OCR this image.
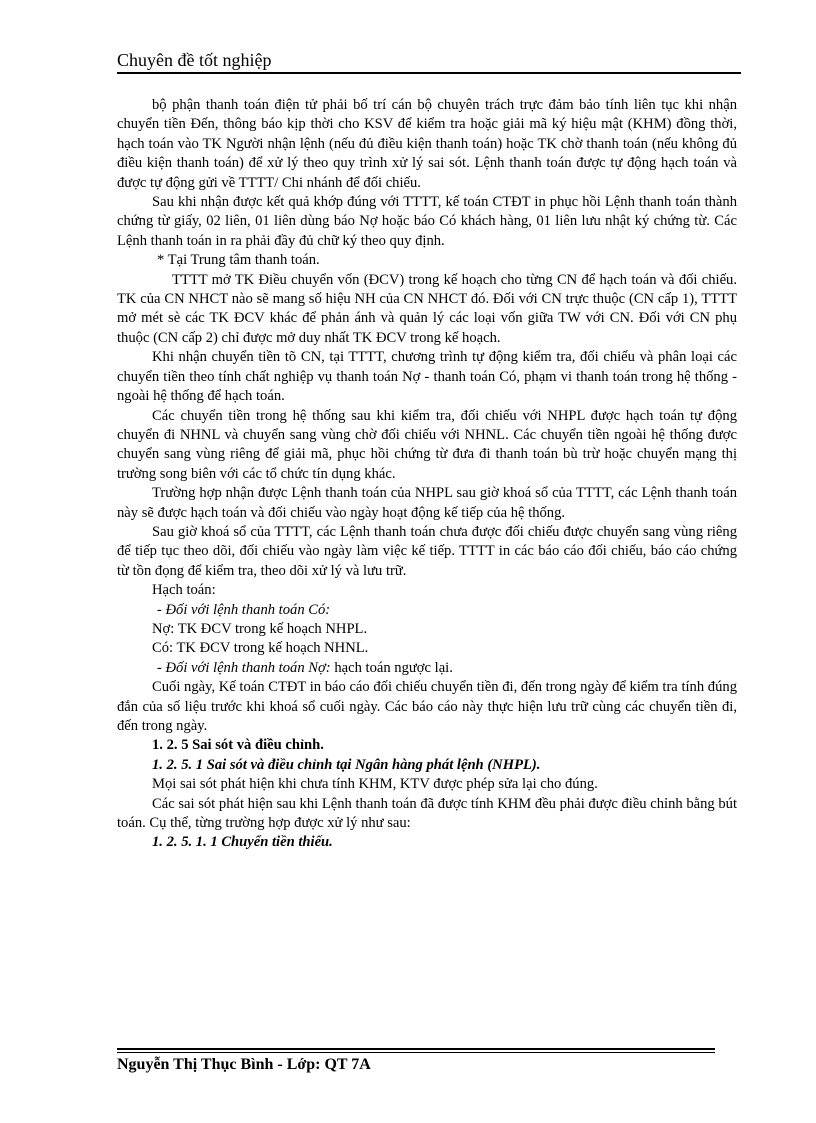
Chuyên đề tốt nghiệp

bộ phận thanh toán điện tử phải bố trí cán bộ chuyên trách trực đảm bảo tính liên tục khi nhận chuyển tiền Đến, thông báo kịp thời cho KSV để kiểm tra hoặc giải mã ký hiệu mật (KHM) đồng thời, hạch toán vào TK Người nhận lệnh (nếu đủ điều kiện thanh toán) hoặc TK chờ thanh toán (nếu không đủ điều kiện thanh toán) để xử lý theo quy trình xử lý sai sót. Lệnh thanh toán được tự động hạch toán và được tự động gửi về TTTT/ Chi nhánh để đối chiếu.

Sau khi nhận được kết quả khớp đúng với TTTT, kế toán CTĐT in phục hồi Lệnh thanh toán thành chứng từ giấy, 02 liên, 01 liên dùng báo Nợ hoặc báo Có khách hàng, 01 liên lưu nhật ký chứng từ. Các Lệnh thanh toán in ra phải đầy đủ chữ ký theo quy định.

* Tại Trung tâm thanh toán.

TTTT mở TK Điều chuyển vốn (ĐCV) trong kế hoạch cho từng CN để hạch toán và đối chiếu. TK của CN NHCT nào sẽ mang số hiệu NH của CN NHCT đó. Đối với CN trực thuộc (CN cấp 1), TTTT mở mét sè các TK ĐCV khác để phản ánh và quản lý các loại vốn giữa TW với CN. Đối với CN phụ thuộc (CN cấp 2) chỉ được mở duy nhất TK ĐCV trong kế hoạch.

Khi nhận chuyển tiền tõ CN, tại TTTT, chương trình tự động kiểm tra, đối chiếu và phân loại các chuyển tiền theo tính chất nghiệp vụ thanh toán Nợ - thanh toán Có, phạm vi thanh toán trong hệ thống - ngoài hệ thống để hạch toán.

Các chuyển tiền trong hệ thống sau khi kiểm tra, đối chiếu với NHPL được hạch toán tự động chuyển đi NHNL và chuyển sang vùng chờ đối chiếu với NHNL. Các chuyển tiền ngoài hệ thống được chuyển sang vùng riêng để giải mã, phục hồi chứng từ đưa đi thanh toán bù trừ hoặc chuyển mạng thị trường song biên với các tổ chức tín dụng khác.

Trường hợp nhận được Lệnh thanh toán của NHPL sau giờ khoá sổ của TTTT, các Lệnh thanh toán này sẽ được hạch toán và đối chiếu vào ngày hoạt động kế tiếp của hệ thống.

Sau giờ khoá sổ của TTTT, các Lệnh thanh toán chưa được đối chiếu được chuyển sang vùng riêng để tiếp tục theo dõi, đối chiếu vào ngày làm việc kế tiếp. TTTT in các báo cáo đối chiếu, báo cáo chứng từ tồn đọng để kiểm tra, theo dõi xử lý và lưu trữ.

Hạch toán:

- Đối với lệnh thanh toán Có:

Nợ: TK ĐCV trong kế hoạch NHPL.

Có: TK ĐCV trong kế hoạch NHNL.

- Đối với lệnh thanh toán Nợ: hạch toán ngược lại.

Cuối ngày, Kế toán CTĐT in báo cáo đối chiếu chuyển tiền đi, đến trong ngày để kiểm tra tính đúng đắn của số liệu trước khi khoá sổ cuối ngày. Các báo cáo này thực hiện lưu trữ cùng các chuyển tiền đi, đến trong ngày.

1. 2. 5 Sai sót và điều chỉnh.

1. 2. 5. 1 Sai sót và điều chỉnh tại Ngân hàng phát lệnh (NHPL).

Mọi sai sót phát hiện khi chưa tính KHM, KTV được phép sửa lại cho đúng.

Các sai sót phát hiện sau khi Lệnh thanh toán đã được tính KHM đều phải được điều chỉnh bằng bút toán. Cụ thể, từng trường hợp được xử lý như sau:

1. 2. 5. 1. 1 Chuyển tiền thiếu.

Nguyễn Thị Thục Bình - Lớp: QT 7A
